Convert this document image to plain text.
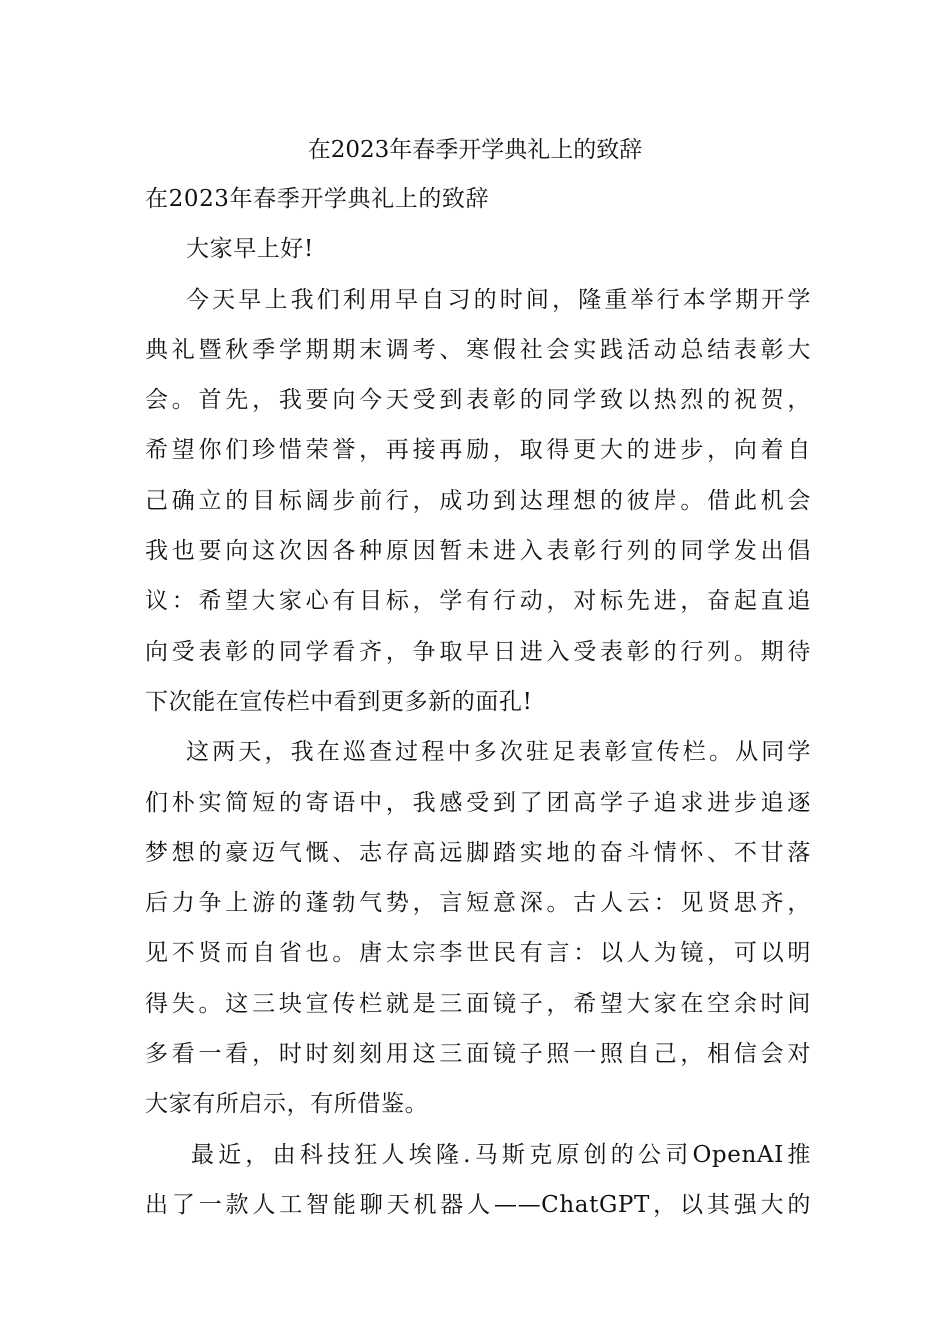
在2023年春季开学典礼上的致辞
在2023年春季开学典礼上的致辞
大家早上好!
今天早上我们利用早自习的时间，隆重举行本学期开学
典礼暨秋季学期期末调考、寒假社会实践活动总结表彰大
会。首先，我要向今天受到表彰的同学致以热烈的祝贺，
希望你们珍惜荣誉，再接再励，取得更大的进步，向着自
己确立的目标阔步前行，成功到达理想的彼岸。借此机会
我也要向这次因各种原因暂未进入表彰行列的同学发出倡
议：希望大家心有目标，学有行动，对标先进，奋起直追
向受表彰的同学看齐，争取早日进入受表彰的行列。期待
下次能在宣传栏中看到更多新的面孔!
这两天，我在巡查过程中多次驻足表彰宣传栏。从同学
们朴实简短的寄语中，我感受到了团高学子追求进步追逐
梦想的豪迈气慨、志存高远脚踏实地的奋斗情怀、不甘落
后力争上游的蓬勃气势，言短意深。古人云：见贤思齐，
见不贤而自省也。唐太宗李世民有言：以人为镜，可以明
得失。这三块宣传栏就是三面镜子，希望大家在空余时间
多看一看，时时刻刻用这三面镜子照一照自己，相信会对
大家有所启示，有所借鉴。
最近，由科技狂人埃隆.马斯克原创的公司OpenAI推
出了一款人工智能聊天机器人——ChatGPT，以其强大的
